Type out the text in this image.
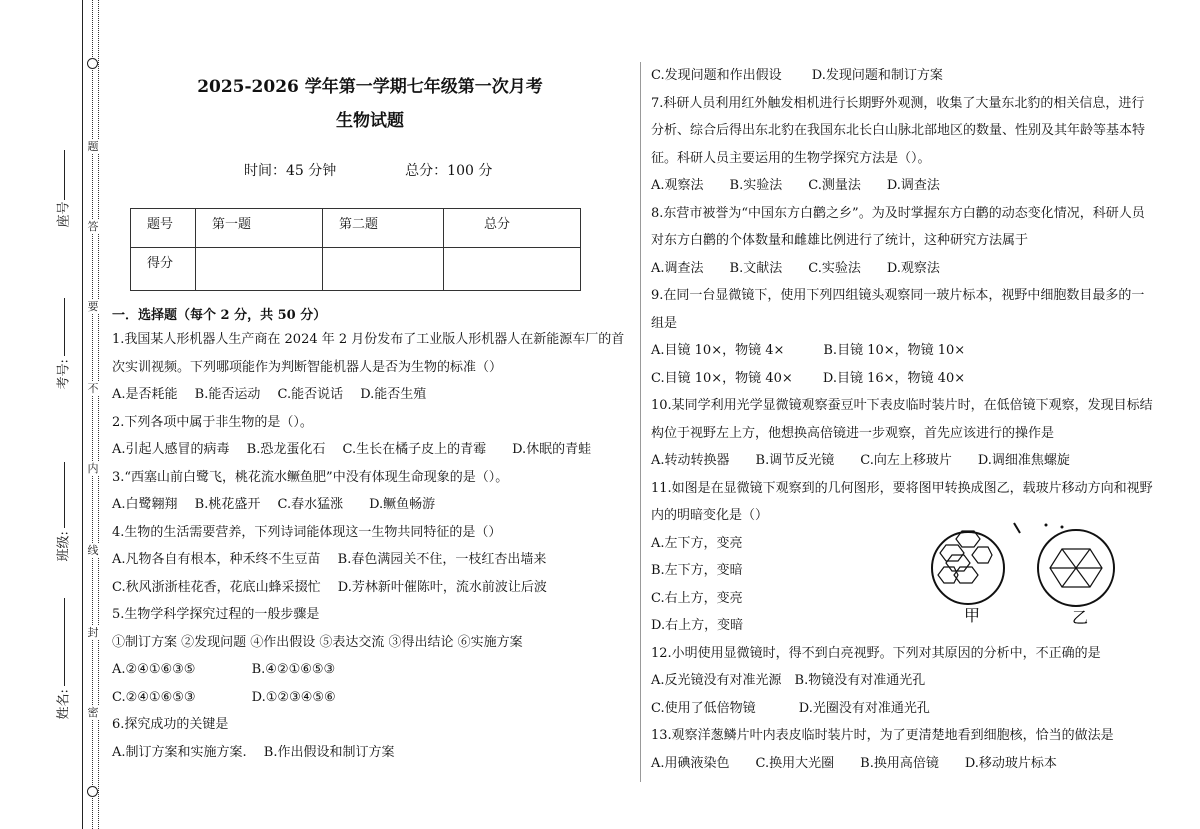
题
答
要
不
内
线
封
密
座号
考号:
班级:
姓名:
2025-2026 学年第一学期七年级第一次月考
生物试题
时间：45 分钟	总分：100 分
题号	第一题	第二题	总分
得分			
一．选择题（每个 2 分，共 50 分）

1.我国某人形机器人生产商在 2024 年 2 月份发布了工业版人形机器人在新能源车厂的首

次实训视频。下列哪项能作为判断智能机器人是否为生物的标准（）

A.是否耗能　 B.能否运动　 C.能否说话　 D.能否生殖

2.下列各项中属于非生物的是（）。

A.引起人感冒的病毒　 B.恐龙蛋化石　 C.生长在橘子皮上的青霉　　D.休眠的青蛙

3.“西塞山前白鹭飞，桃花流水鳜鱼肥”中没有体现生命现象的是（）。

A.白鹭翱翔　 B.桃花盛开　 C.春水猛涨　　D.鳜鱼畅游

4.生物的生活需要营养，下列诗词能体现这一生物共同特征的是（）

A.凡物各自有根本，种禾终不生豆苗　 B.春色满园关不住，一枝红杏出墙来

C.秋风浙浙桂花香，花底山蜂采掇忙　 D.芳林新叶催陈叶，流水前波让后波

5.生物学科学探究过程的一般步骤是

①制订方案 ②发现问题 ④作出假设 ⑤表达交流 ③得出结论 ⑥实施方案

A.②④①⑥③⑤　　　　 B.④②①⑥⑤③

C.②④①⑥⑤③　　　　 D.①②③④⑤⑥

6.探究成功的关键是

A.制订方案和实施方案.　 B.作出假设和制订方案

C.发现问题和作出假设　　 D.发现问题和制订方案

7.科研人员利用红外触发相机进行长期野外观测，收集了大量东北豹的相关信息，进行

分析、综合后得出东北豹在我国东北长白山脉北部地区的数量、性别及其年龄等基本特

征。科研人员主要运用的生物学探究方法是（）。

A.观察法　　B.实验法　　C.测量法　　D.调查法

8.东营市被誉为“中国东方白鹳之乡”。为及时掌握东方白鹳的动态变化情况，科研人员

对东方白鹳的个体数量和雌雄比例进行了统计，这种研究方法属于

A.调查法　　B.文献法　　C.实验法　　D.观察法

9.在同一台显微镜下，使用下列四组镜头观察同一玻片标本，视野中细胞数目最多的一

组是

A.目镜 10×，物镜 4×　　　B.目镜 10×，物镜 10×

C.目镜 10×，物镜 40×　　 D.目镜 16×，物镜 40×

10.某同学利用光学显微镜观察蚕豆叶下表皮临时装片时，在低倍镜下观察，发现目标结

构位于视野左上方，他想换高倍镜进一步观察，首先应该进行的操作是

A.转动转换器　　B.调节反光镜　　C.向左上移玻片　　D.调细准焦螺旋

11.如图是在显微镜下观察到的几何图形，要将图甲转换成图乙，载玻片移动方向和视野

内的明暗变化是（）

A.左下方，变亮

B.左下方，变暗

C.右上方，变亮

D.右上方，变暗

12.小明使用显微镜时，得不到白亮视野。下列对其原因的分析中，不正确的是

A.反光镜没有对准光源　B.物镜没有对准通光孔

C.使用了低倍物镜　　　 D.光圈没有对准通光孔

13.观察洋葱鳞片叶内表皮临时装片时，为了更清楚地看到细胞核，恰当的做法是

A.用碘液染色　　C.换用大光圈　　B.换用高倍镜　　D.移动玻片标本

甲	乙
